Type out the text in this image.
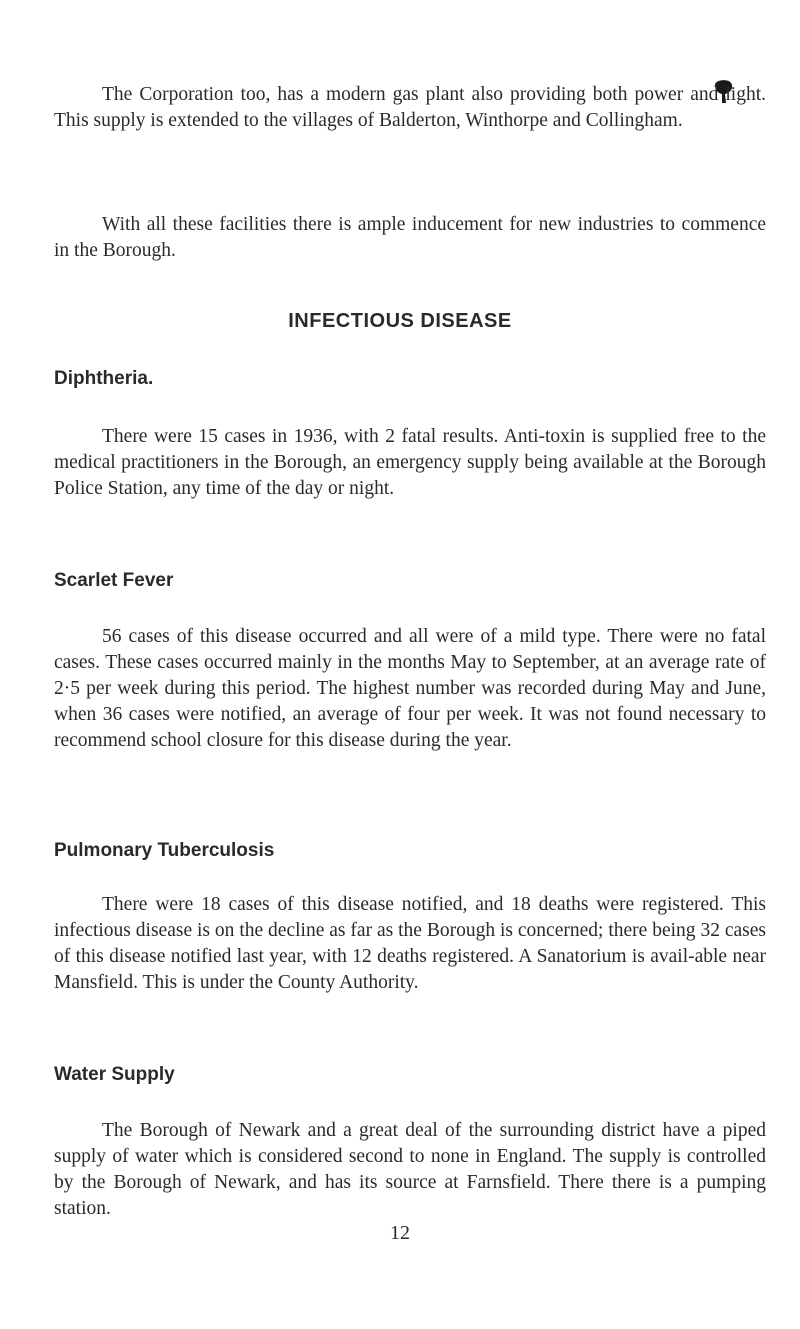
The Corporation too, has a modern gas plant also providing both power and light. This supply is extended to the villages of Balderton, Winthorpe and Collingham.

With all these facilities there is ample inducement for new industries to commence in the Borough.

INFECTIOUS DISEASE
Diphtheria.

There were 15 cases in 1936, with 2 fatal results. Anti-toxin is supplied free to the medical practitioners in the Borough, an emergency supply being available at the Borough Police Station, any time of the day or night.

Scarlet Fever

56 cases of this disease occurred and all were of a mild type. There were no fatal cases. These cases occurred mainly in the months May to September, at an average rate of 2·5 per week during this period. The highest number was recorded during May and June, when 36 cases were notified, an average of four per week. It was not found necessary to recommend school closure for this disease during the year.

Pulmonary Tuberculosis

There were 18 cases of this disease notified, and 18 deaths were registered. This infectious disease is on the decline as far as the Borough is concerned; there being 32 cases of this disease notified last year, with 12 deaths registered. A Sanatorium is avail-able near Mansfield. This is under the County Authority.

Water Supply

The Borough of Newark and a great deal of the surrounding district have a piped supply of water which is considered second to none in England. The supply is controlled by the Borough of Newark, and has its source at Farnsfield. There there is a pumping station.

12
